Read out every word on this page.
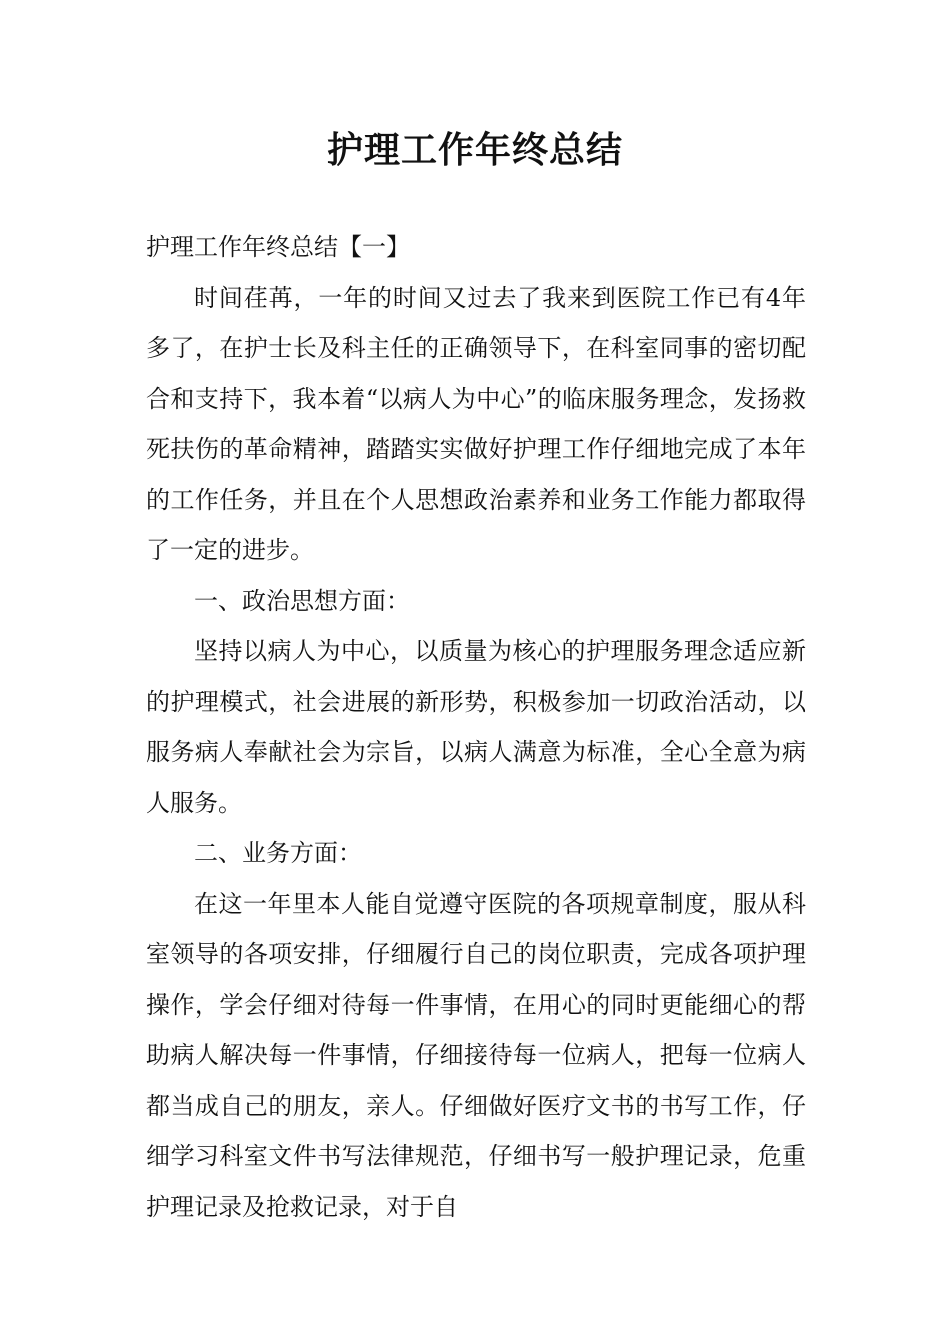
护理工作年终总结

护理工作年终总结【一】

时间荏苒，一年的时间又过去了我来到医院工作已有4年多了，在护士长及科主任的正确领导下，在科室同事的密切配合和支持下，我本着“以病人为中心”的临床服务理念，发扬救死扶伤的革命精神，踏踏实实做好护理工作仔细地完成了本年的工作任务，并且在个人思想政治素养和业务工作能力都取得了一定的进步。

一、政治思想方面：

坚持以病人为中心，以质量为核心的护理服务理念适应新的护理模式，社会进展的新形势，积极参加一切政治活动，以服务病人奉献社会为宗旨，以病人满意为标准，全心全意为病人服务。

二、业务方面：

在这一年里本人能自觉遵守医院的各项规章制度，服从科室领导的各项安排，仔细履行自己的岗位职责，完成各项护理操作，学会仔细对待每一件事情，在用心的同时更能细心的帮助病人解决每一件事情，仔细接待每一位病人，把每一位病人都当成自己的朋友，亲人。仔细做好医疗文书的书写工作，仔细学习科室文件书写法律规范，仔细书写一般护理记录，危重护理记录及抢救记录，对于自
